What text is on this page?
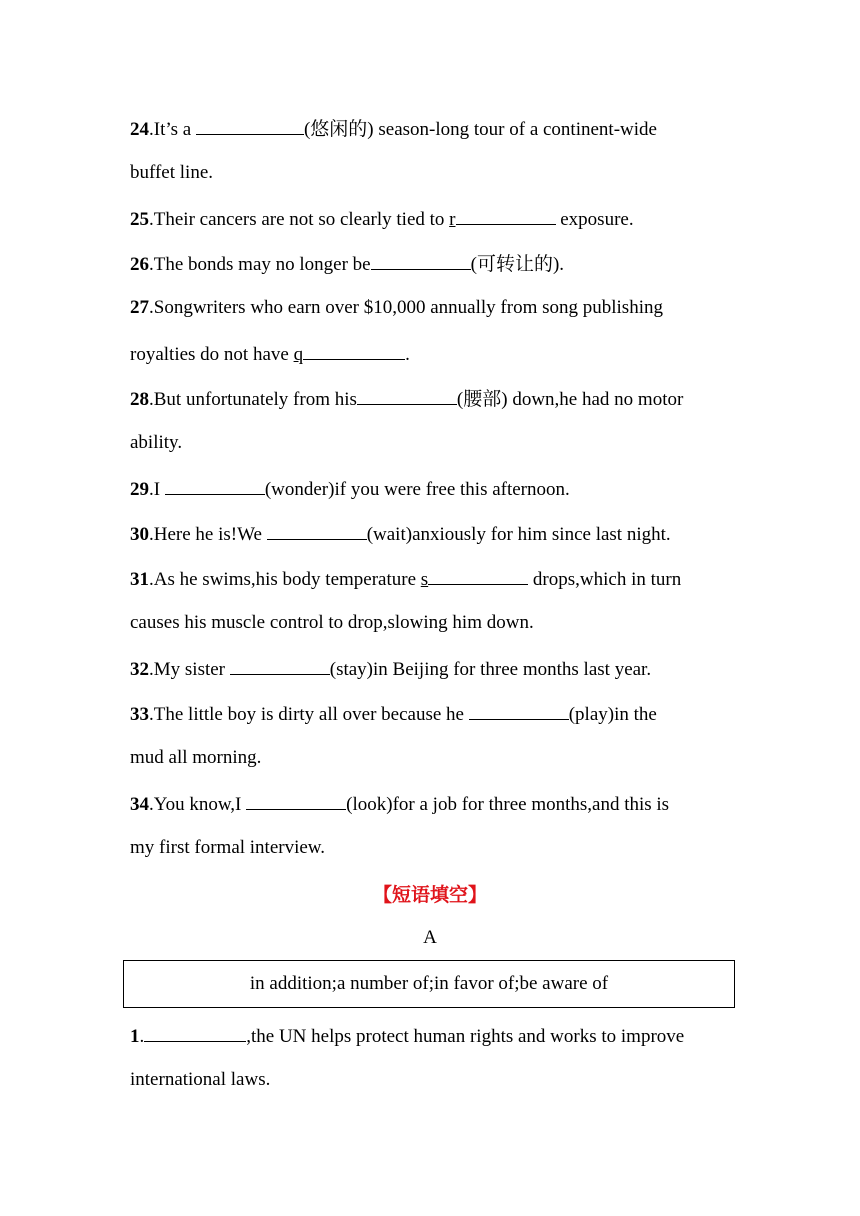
24.It’s a	(悠闲的) season-long tour of a continent-wide
buffet line.
25.Their cancers are not so clearly tied to r	exposure.
26.The bonds may no longer be	(可转让的).
27.Songwriters who earn over $10,000 annually from song publishing
royalties do not have q	.
28.But unfortunately from his	(腰部) down,he had no motor
ability.
29.I	(wonder)if you were free this afternoon.
30.Here he is!We	(wait)anxiously for him since last night.
31.As he swims,his body temperature s	drops,which in turn
causes his muscle control to drop,slowing him down.
32.My sister	(stay)in Beijing for three months last year.
33.The little boy is dirty all over because he	(play)in the
mud all morning.
34.You know,I	(look)for a job for three months,and this is
my first formal interview.
【短语填空】
A
in addition;a number of;in favor of;be aware of
1.	,the UN helps protect human rights and works to improve
international laws.
